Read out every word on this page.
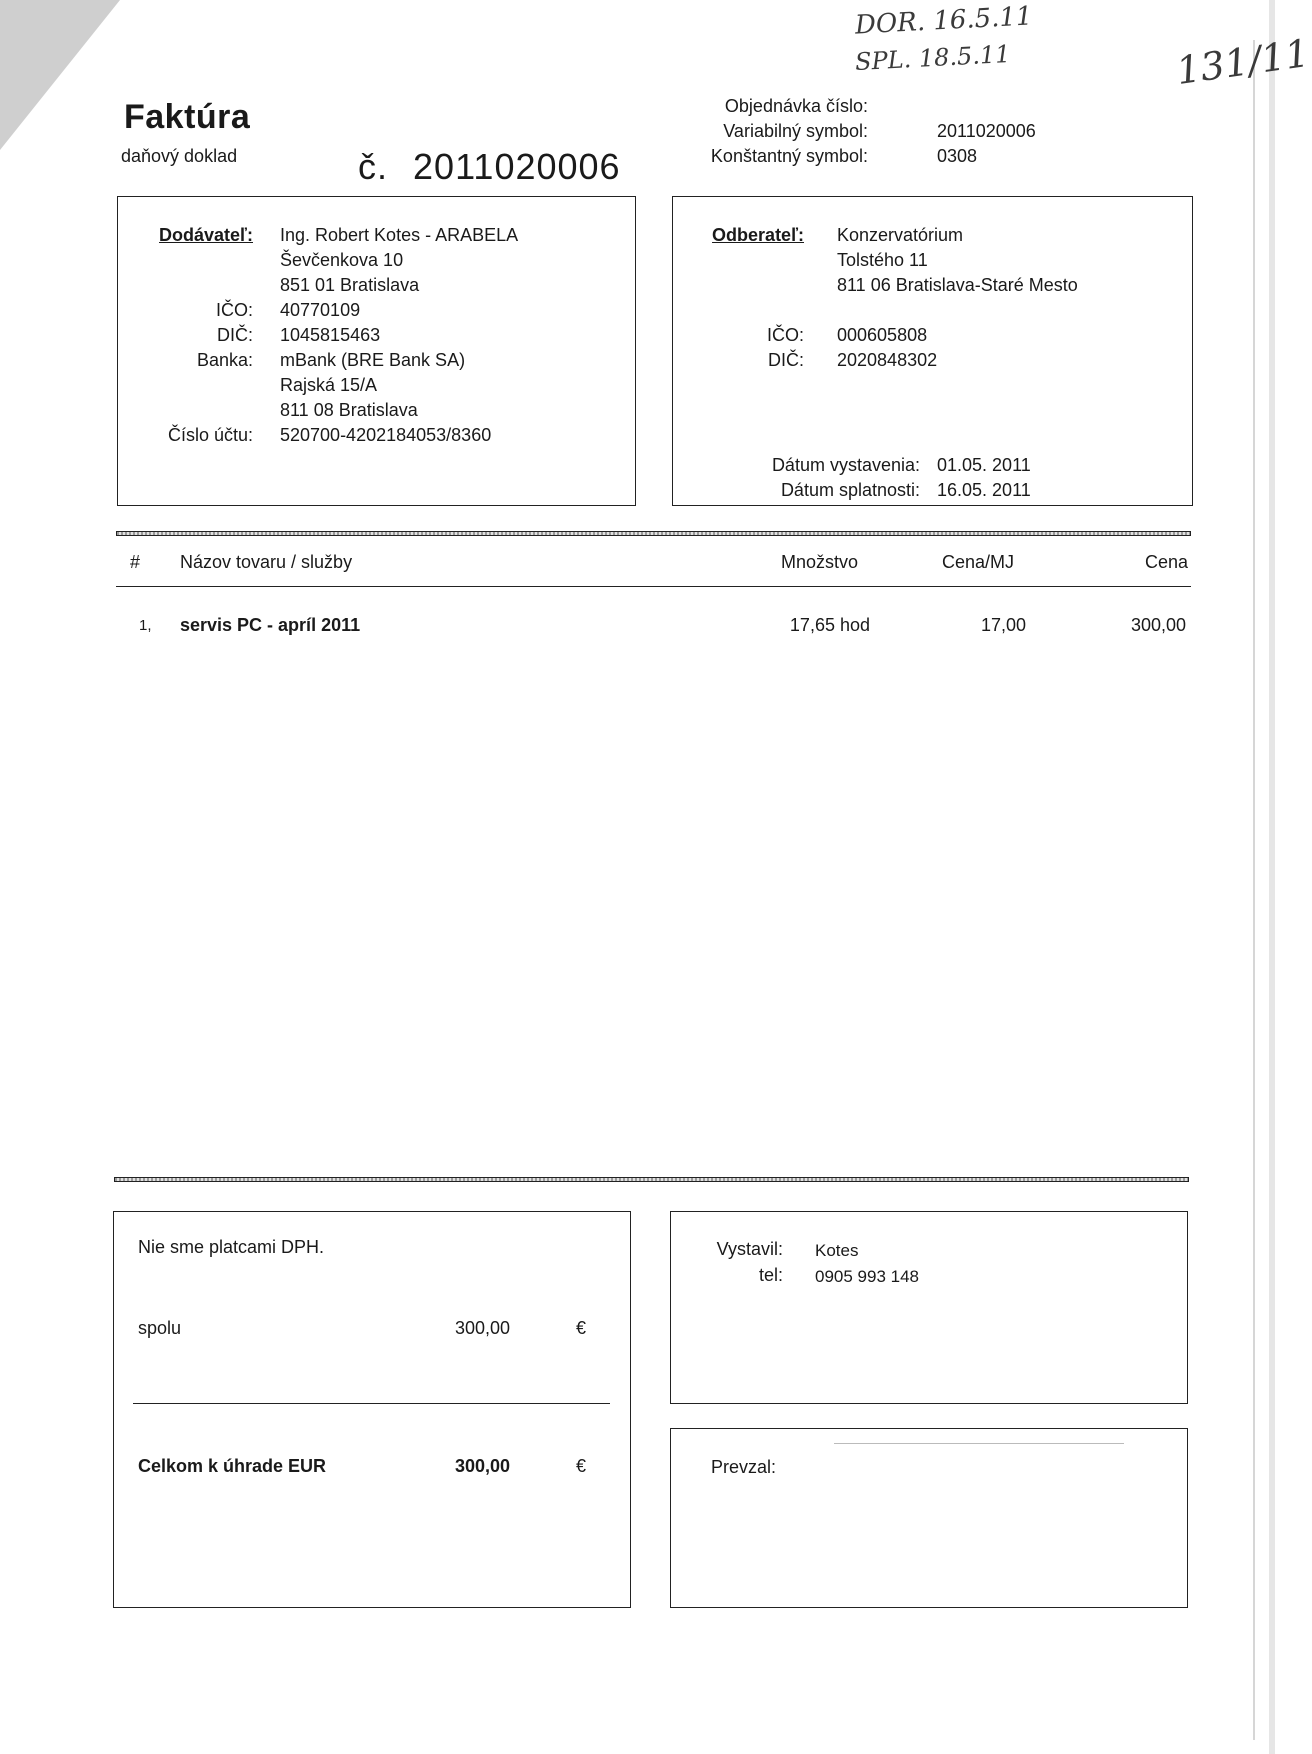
DOR. 16.5.11
SPL. 18.5.11	131/11
Faktúra
daňový doklad	č. 2011020006
Objednávka číslo:
Variabilný symbol:	2011020006
Konštantný symbol:	0308
Dodávateľ: Ing. Robert Kotes - ARABELA
Ševčenkova 10
851 01 Bratislava
IČO: 40770109
DIČ: 1045815463
Banka: mBank (BRE Bank SA)
Rajská 15/A
811 08 Bratislava
Číslo účtu: 520700-4202184053/8360
Odberateľ: Konzervatórium
Tolstého 11
811 06 Bratislava-Staré Mesto
IČO: 000605808
DIČ: 2020848302
Dátum vystavenia: 01.05. 2011
Dátum splatnosti: 16.05. 2011
# Názov tovaru / služby	Množstvo	Cena/MJ	Cena
1, servis PC - apríl 2011	17,65 hod	17,00	300,00
Nie sme platcami DPH.
spolu	300,00	€
Celkom k úhrade EUR	300,00	€
Vystavil: Kotes
tel: 0905 993 148
Prevzal:
